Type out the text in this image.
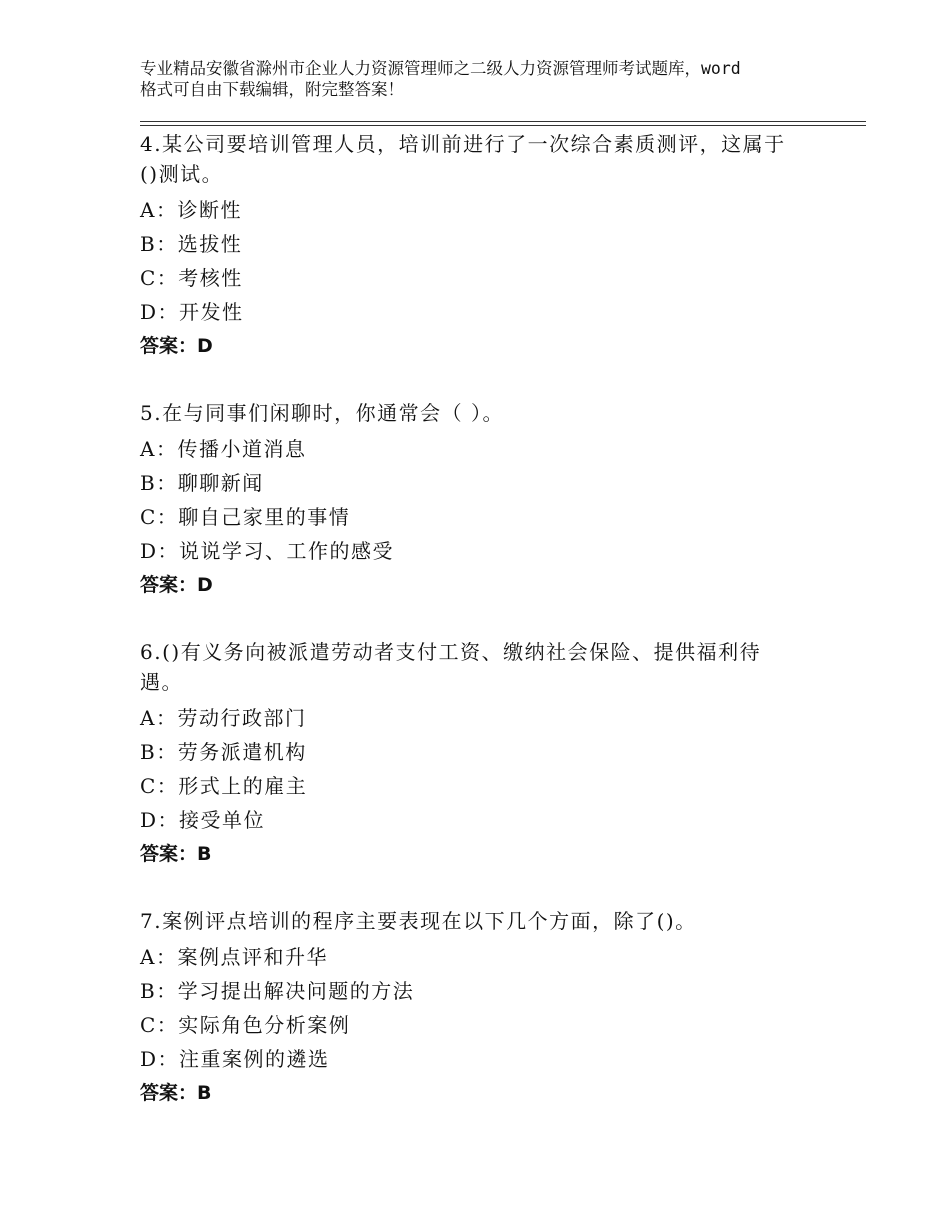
专业精品安徽省滁州市企业人力资源管理师之二级人力资源管理师考试题库，word
格式可自由下载编辑，附完整答案！
4.某公司要培训管理人员，培训前进行了一次综合素质测评，这属于
()测试。
A：诊断性
B：选拔性
C：考核性
D：开发性
答案：D
5.在与同事们闲聊时，你通常会（ ）。
A：传播小道消息
B：聊聊新闻
C：聊自己家里的事情
D：说说学习、工作的感受
答案：D
6.()有义务向被派遣劳动者支付工资、缴纳社会保险、提供福利待
遇。
A：劳动行政部门
B：劳务派遣机构
C：形式上的雇主
D：接受单位
答案：B
7.案例评点培训的程序主要表现在以下几个方面，除了()。
A：案例点评和升华
B：学习提出解决问题的方法
C：实际角色分析案例
D：注重案例的遴选
答案：B
